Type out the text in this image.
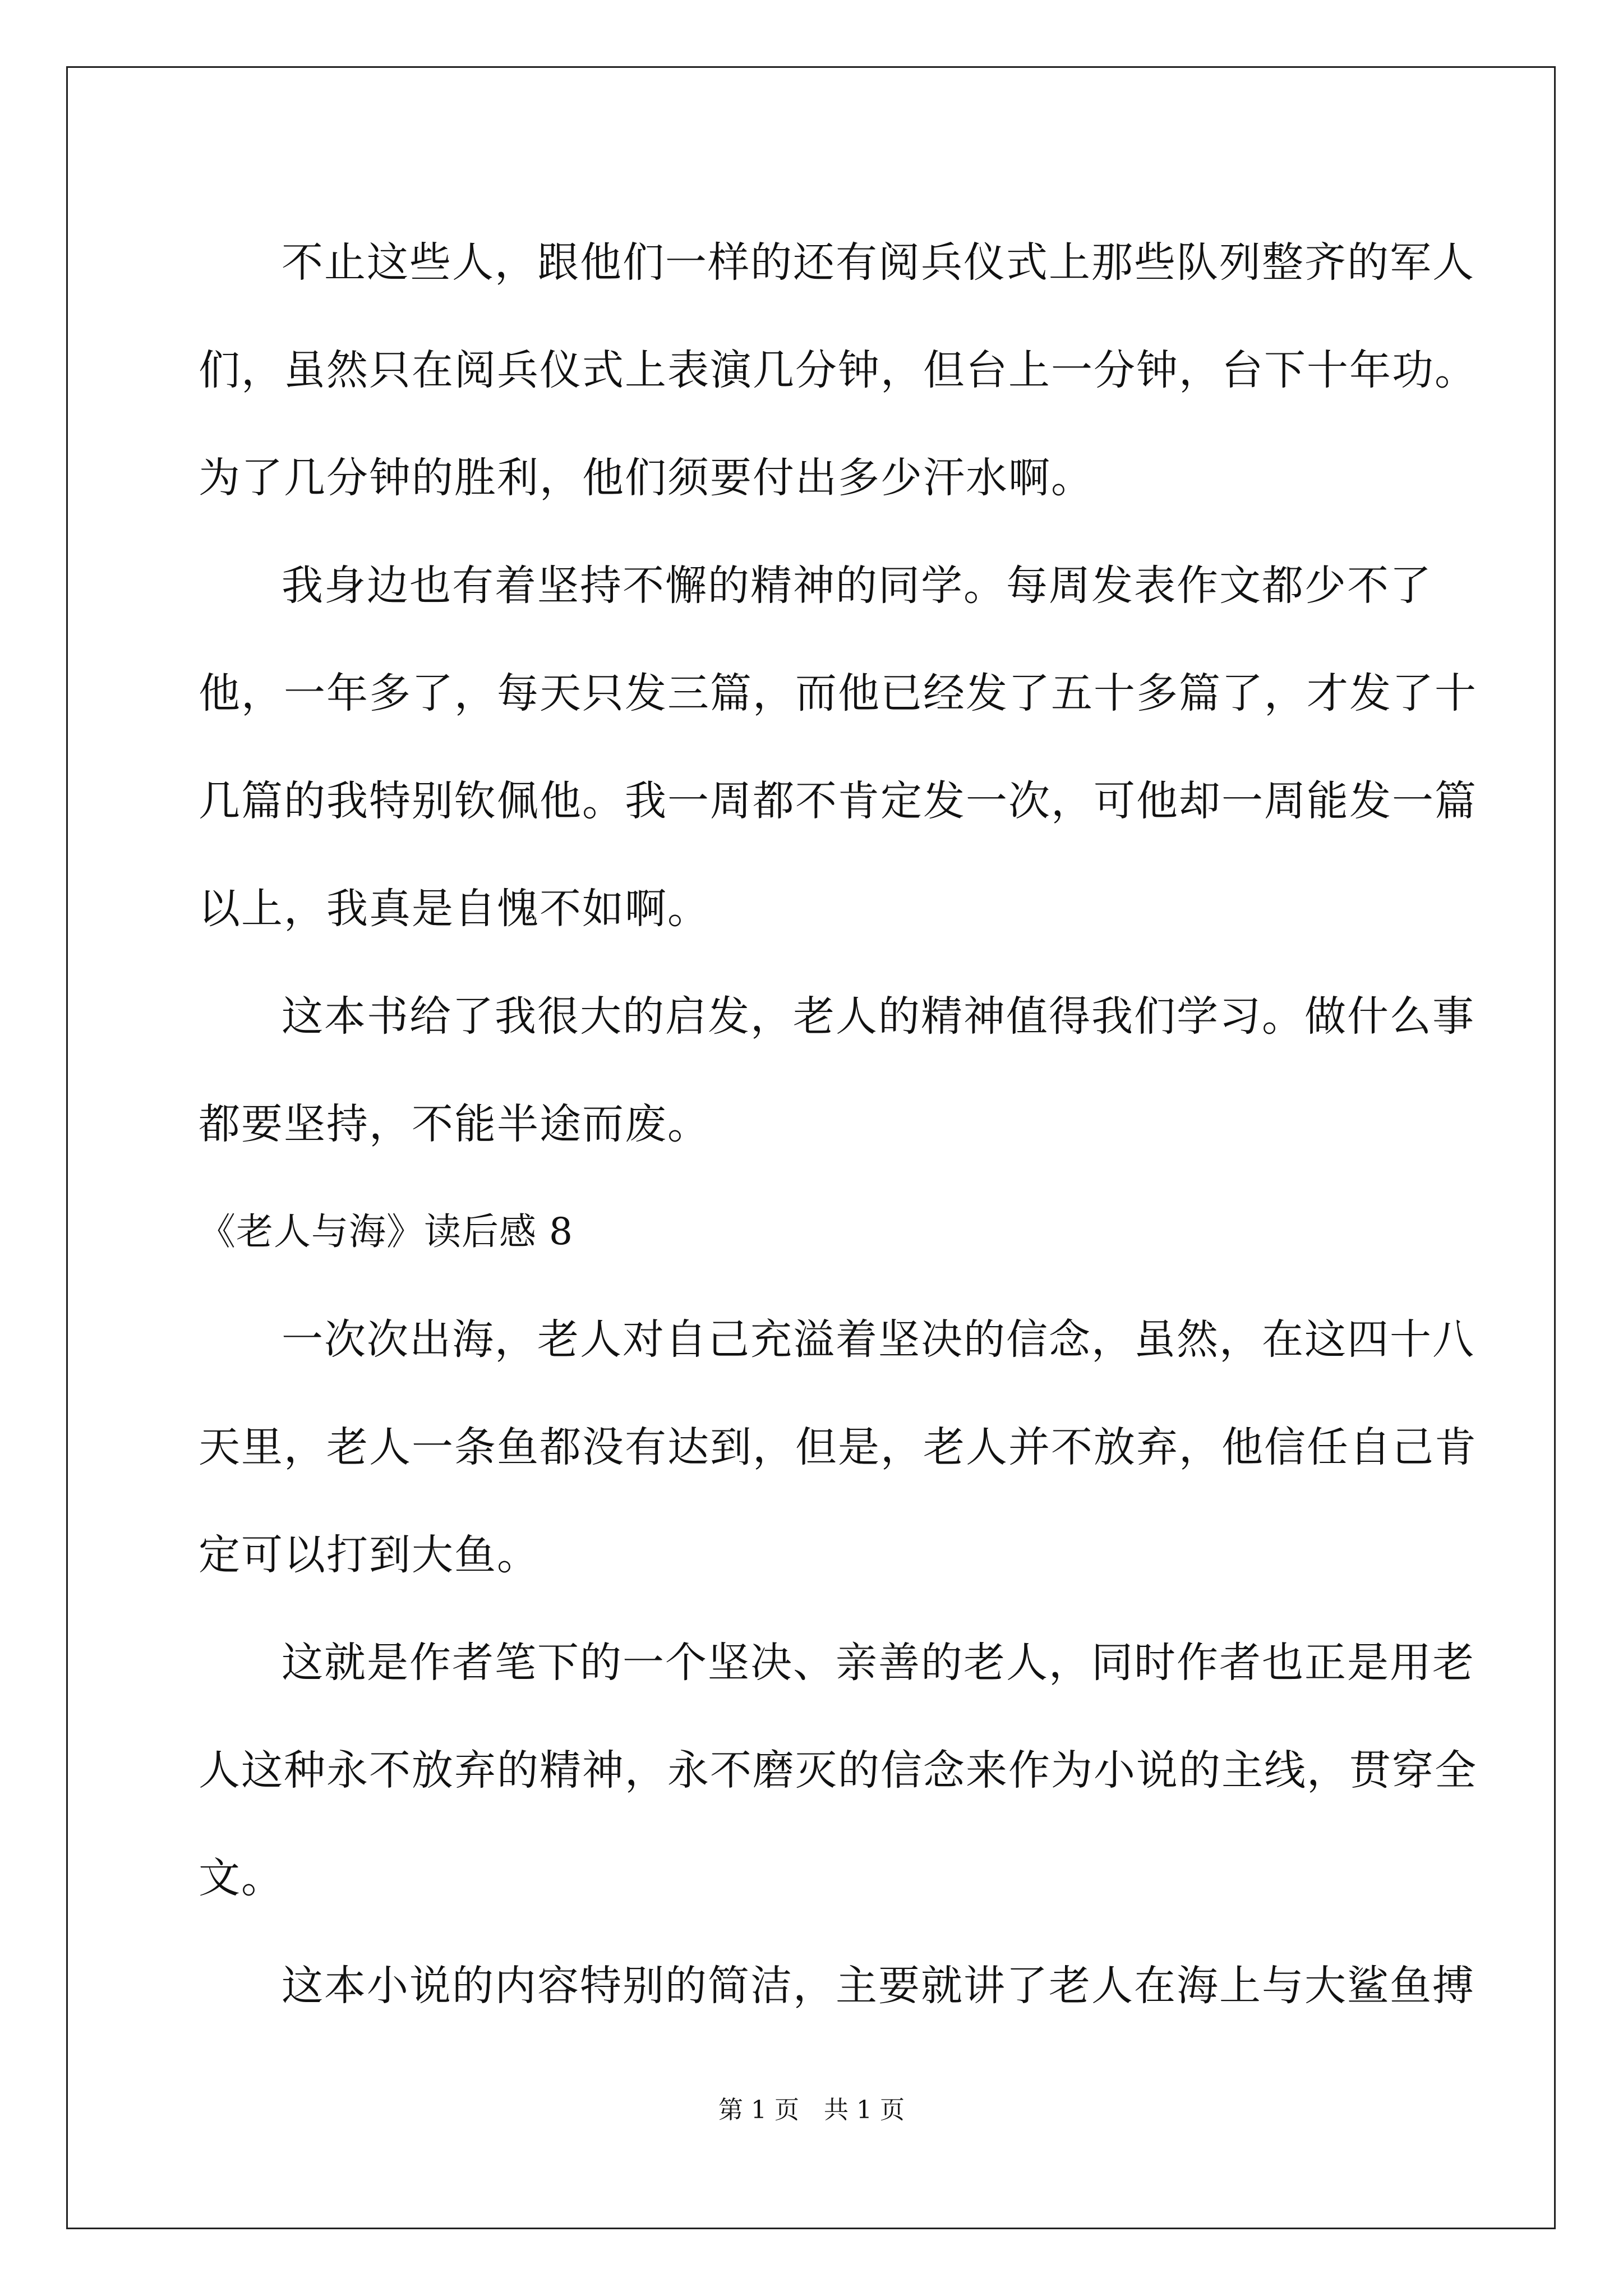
不止这些人，跟他们一样的还有阅兵仪式上那些队列整齐的军人们，虽然只在阅兵仪式上表演几分钟，但台上一分钟，台下十年功。为了几分钟的胜利，他们须要付出多少汗水啊。

我身边也有着坚持不懈的精神的同学。每周发表作文都少不了他，一年多了，每天只发三篇，而他已经发了五十多篇了，才发了十几篇的我特别钦佩他。我一周都不肯定发一次，可他却一周能发一篇以上，我真是自愧不如啊。

这本书给了我很大的启发，老人的精神值得我们学习。做什么事都要坚持，不能半途而废。

《老人与海》读后感 8

一次次出海，老人对自己充溢着坚决的信念，虽然，在这四十八天里，老人一条鱼都没有达到，但是，老人并不放弃，他信任自己肯定可以打到大鱼。

这就是作者笔下的一个坚决、亲善的老人，同时作者也正是用老人这种永不放弃的精神，永不磨灭的信念来作为小说的主线，贯穿全文。

这本小说的内容特别的简洁，主要就讲了老人在海上与大鲨鱼搏

第 1 页　共 1 页
